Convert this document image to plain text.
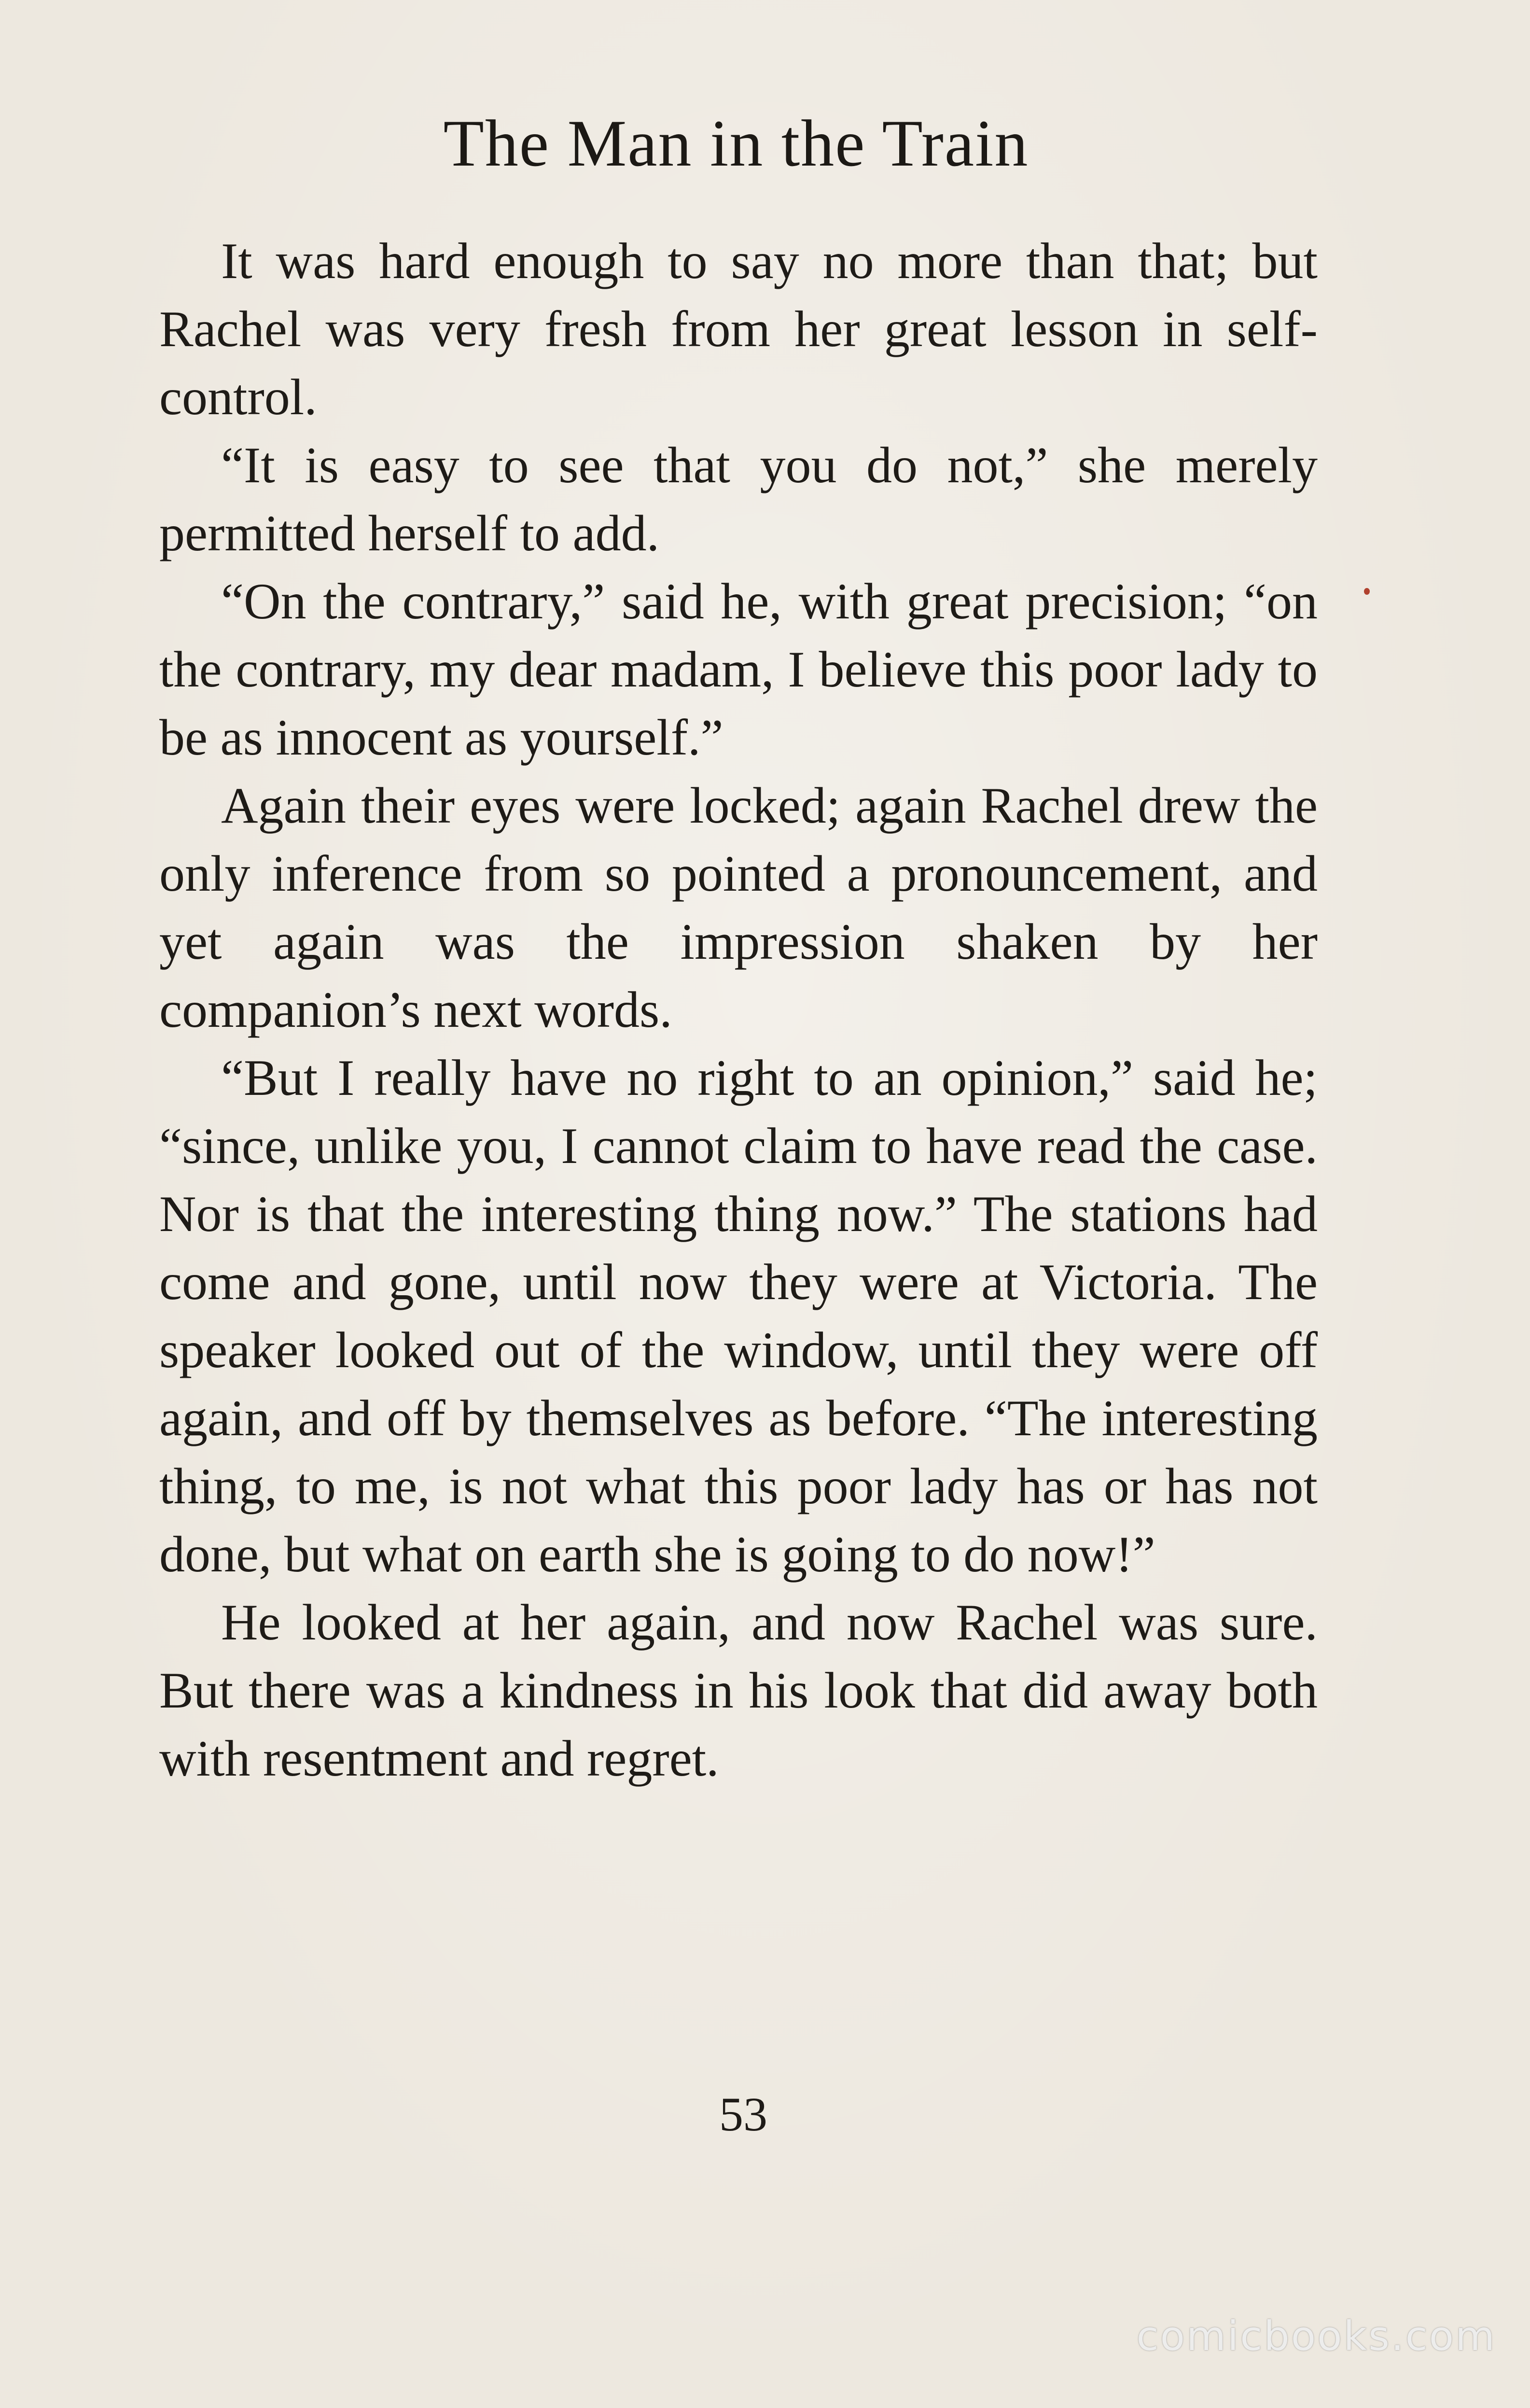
The Man in the Train

It was hard enough to say no more than that; but Rachel was very fresh from her great lesson in self-control.

“It is easy to see that you do not,” she merely permitted herself to add.

“On the contrary,” said he, with great precision; “on the contrary, my dear madam, I believe this poor lady to be as innocent as yourself.”

Again their eyes were locked; again Rachel drew the only inference from so pointed a pronouncement, and yet again was the impression shaken by her companion’s next words.

“But I really have no right to an opinion,” said he; “since, unlike you, I cannot claim to have read the case. Nor is that the interesting thing now.” The stations had come and gone, until now they were at Victoria. The speaker looked out of the window, until they were off again, and off by themselves as before. “The interesting thing, to me, is not what this poor lady has or has not done, but what on earth she is going to do now!”

He looked at her again, and now Rachel was sure. But there was a kindness in his look that did away both with resentment and regret.

53
comicbooks.com
